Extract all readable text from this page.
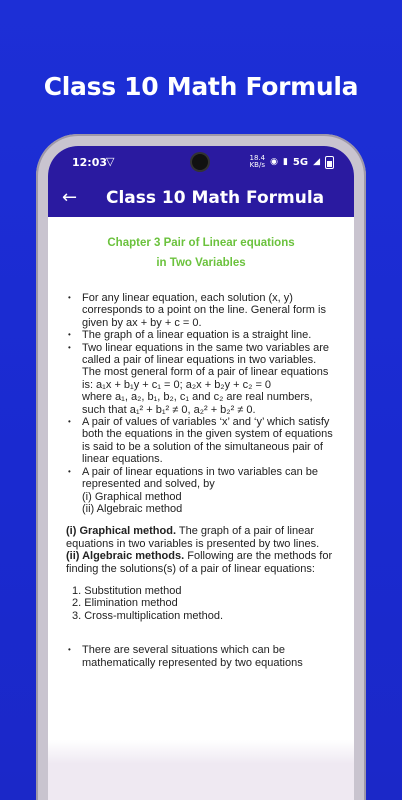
Class 10 Math Formula
12:03
▽	18.4
KB/s ◉ ▮ 5G ◢
← Class 10 Math Formula
Chapter 3 Pair of Linear equations
in Two Variables
• For any linear equation, each solution (x, y) corresponds to a point on the line. General form is given by ax + by + c = 0.
• The graph of a linear equation is a straight line.
• Two linear equations in the same two variables are called a pair of linear equations in two variables. The most general form of a pair of linear equations is: a₁x + b₁y + c₁ = 0; a₂x + b₂y + c₂ = 0
where a₁, a₂, b₁, b₂, c₁ and c₂ are real numbers, such that a₁² + b₁² ≠ 0, a₂² + b₂² ≠ 0.
• A pair of values of variables ‘x’ and ‘y’ which satisfy both the equations in the given system of equations is said to be a solution of the simultaneous pair of linear equations.
• A pair of linear equations in two variables can be represented and solved, by
(i) Graphical method
(ii) Algebraic method
(i) Graphical method. The graph of a pair of linear equations in two variables is presented by two lines.
(ii) Algebraic methods. Following are the methods for finding the solutions(s) of a pair of linear equations:
1. Substitution method
2. Elimination method
3. Cross-multiplication method.
• There are several situations which can be mathematically represented by two equations
